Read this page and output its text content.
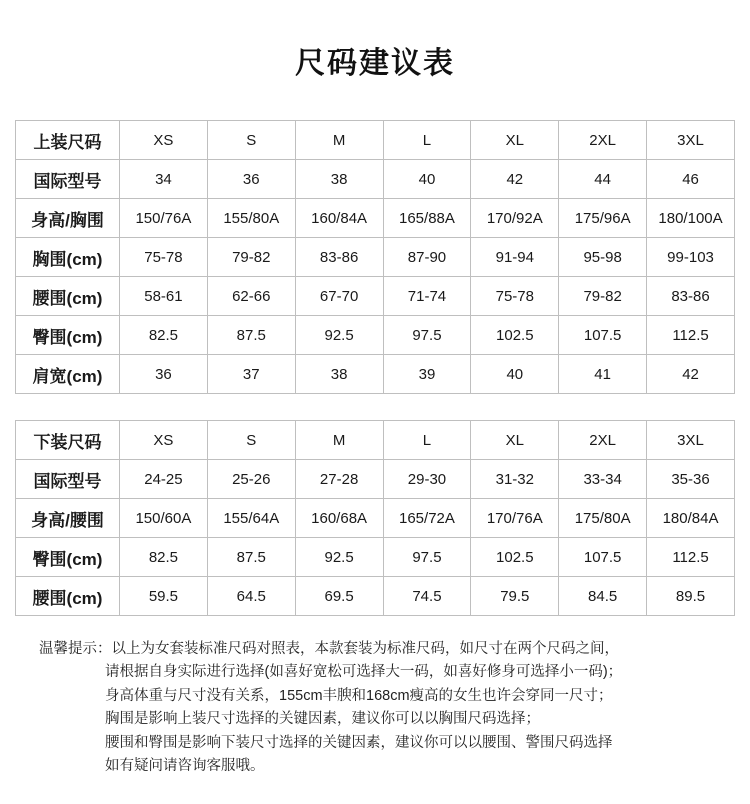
尺码建议表
上装尺码	XS	S	M	L	XL	2XL	3XL
国际型号	34	36	38	40	42	44	46
身高/胸围	150/76A	155/80A	160/84A	165/88A	170/92A	175/96A	180/100A
胸围(cm)	75-78	79-82	83-86	87-90	91-94	95-98	99-103
腰围(cm)	58-61	62-66	67-70	71-74	75-78	79-82	83-86
臀围(cm)	82.5	87.5	92.5	97.5	102.5	107.5	112.5
肩宽(cm)	36	37	38	39	40	41	42
下装尺码	XS	S	M	L	XL	2XL	3XL
国际型号	24-25	25-26	27-28	29-30	31-32	33-34	35-36
身高/腰围	150/60A	155/64A	160/68A	165/72A	170/76A	175/80A	180/84A
臀围(cm)	82.5	87.5	92.5	97.5	102.5	107.5	112.5
腰围(cm)	59.5	64.5	69.5	74.5	79.5	84.5	89.5
温馨提示：以上为女套装标准尺码对照表，本款套装为标准尺码，如尺寸在两个尺码之间，
请根据自身实际进行选择(如喜好宽松可选择大一码，如喜好修身可选择小一码)；
身高体重与尺寸没有关系，155cm丰腴和168cm瘦高的女生也许会穿同一尺寸；
胸围是影响上装尺寸选择的关键因素，建议你可以以胸围尺码选择；
腰围和臀围是影响下装尺寸选择的关键因素，建议你可以以腰围、警围尺码选择
如有疑问请咨询客服哦。
